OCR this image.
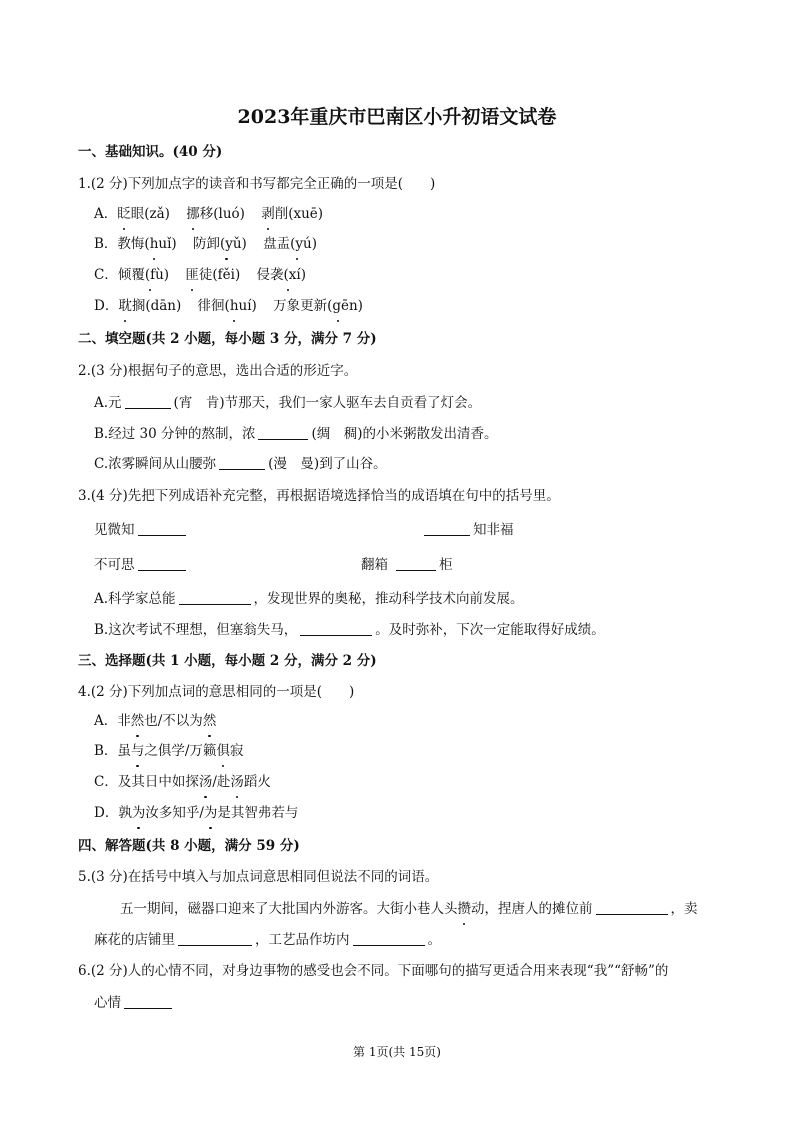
2023年重庆市巴南区小升初语文试卷
一、基础知识。(40 分)
1.(2 分)下列加点字的读音和书写都完全正确的一项是(　　)
A．眨眼(zǎ) 挪移(luó) 剥削(xuē)
B．教悔(huǐ) 防卸(yǔ) 盘盂(yú)
C．倾覆(fù) 匪徒(fěi) 侵袭(xí)
D．耽搁(dān) 徘徊(huí) 万象更新(gēn)
二、填空题(共 2 小题，每小题 3 分，满分 7 分)
2.(3 分)根据句子的意思，选出合适的形近字。
A.元	(宵　肯)节那天，我们一家人驱车去自贡看了灯会。
B.经过 30 分钟的熬制，浓	(绸　稠)的小米粥散发出清香。
C.浓雾瞬间从山腰弥	(漫　曼)到了山谷。
3.(4 分)先把下列成语补充完整，再根据语境选择恰当的成语填在句中的括号里。
见微知	知非福
不可思	翻箱	柜
A.科学家总能	，发现世界的奥秘，推动科学技术向前发展。
B.这次考试不理想，但塞翁失马，	。及时弥补，下次一定能取得好成绩。
三、选择题(共 1 小题，每小题 2 分，满分 2 分)
4.(2 分)下列加点词的意思相同的一项是(　　)
A．非然也/不以为然
B．虽与之俱学/万籁俱寂
C．及其日中如探汤/赴汤蹈火
D．孰为汝多知乎/为是其智弗若与
四、解答题(共 8 小题，满分 59 分)
5.(3 分)在括号中填入与加点词意思相同但说法不同的词语。
五一期间，磁器口迎来了大批国内外游客。大街小巷人头攒动，捏唐人的摊位前	，卖
麻花的店铺里	，工艺品作坊内	。
6.(2 分)人的心情不同，对身边事物的感受也会不同。下面哪句的描写更适合用来表现“我”“舒畅”的
心情
第 1页(共 15页)
